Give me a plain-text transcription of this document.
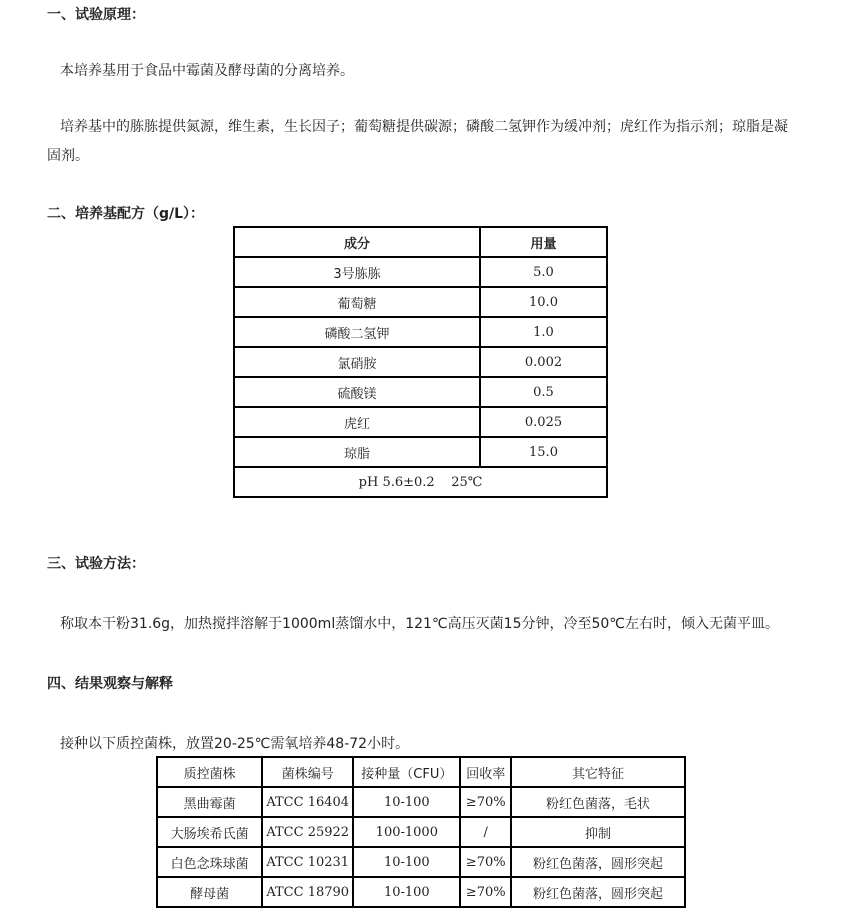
一、试验原理：
本培养基用于食品中霉菌及酵母菌的分离培养。
培养基中的胨胨提供氮源，维生素，生长因子；葡萄糖提供碳源；磷酸二氢钾作为缓冲剂；虎红作为指示剂；琼脂是凝
固剂。
二、培养基配方（g/L）：
成分	用量
3号胨胨	5.0
葡萄糖	10.0
磷酸二氢钾	1.0
氯硝胺	0.002
硫酸镁	0.5
虎红	0.025
琼脂	15.0
pH 5.6±0.2    25℃	
三、试验方法：
称取本干粉31.6g，加热搅拌溶解于1000ml蒸馏水中，121℃高压灭菌15分钟，冷至50℃左右时，倾入无菌平皿。
四、结果观察与解释
接种以下质控菌株，放置20-25℃需氧培养48-72小时。
质控菌株	菌株编号	接种量（CFU）	回收率	其它特征
黑曲霉菌	ATCC 16404	10-100	≥70%	粉红色菌落，毛状
大肠埃希氏菌	ATCC 25922	100-1000	/	抑制
白色念珠球菌	ATCC 10231	10-100	≥70%	粉红色菌落，圆形突起
酵母菌	ATCC 18790	10-100	≥70%	粉红色菌落，圆形突起
